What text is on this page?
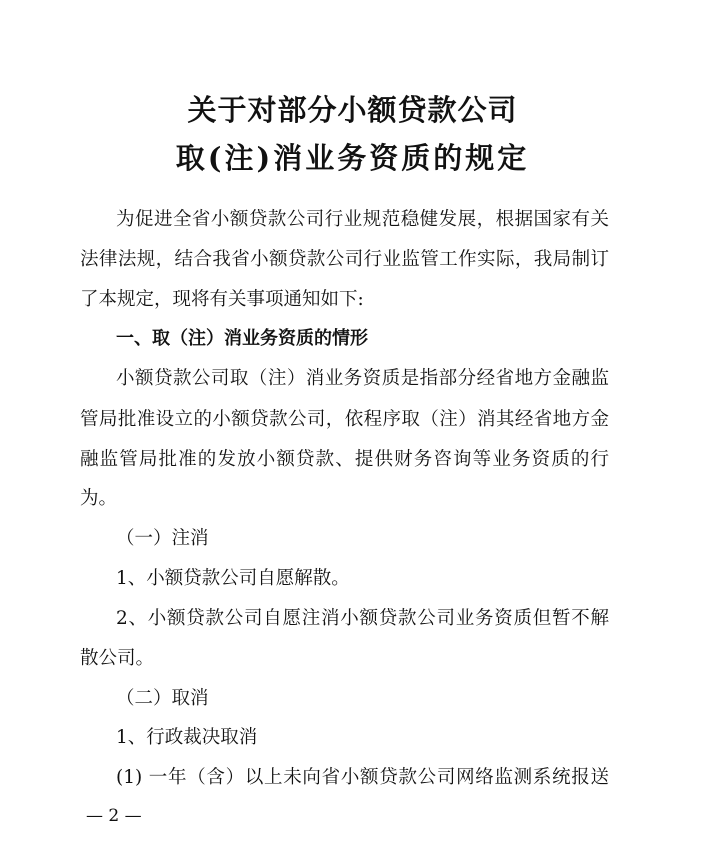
关于对部分小额贷款公司
取(注)消业务资质的规定
为促进全省小额贷款公司行业规范稳健发展，根据国家有关
法律法规，结合我省小额贷款公司行业监管工作实际，我局制订
了本规定，现将有关事项通知如下:
一、取（注）消业务资质的情形
小额贷款公司取（注）消业务资质是指部分经省地方金融监
管局批准设立的小额贷款公司，依程序取（注）消其经省地方金
融监管局批准的发放小额贷款、提供财务咨询等业务资质的行
为。
（一）注消
1、小额贷款公司自愿解散。
2、小额贷款公司自愿注消小额贷款公司业务资质但暂不解
散公司。
（二）取消
1、行政裁决取消
(1) 一年（含）以上未向省小额贷款公司网络监测系统报送
— 2 —
